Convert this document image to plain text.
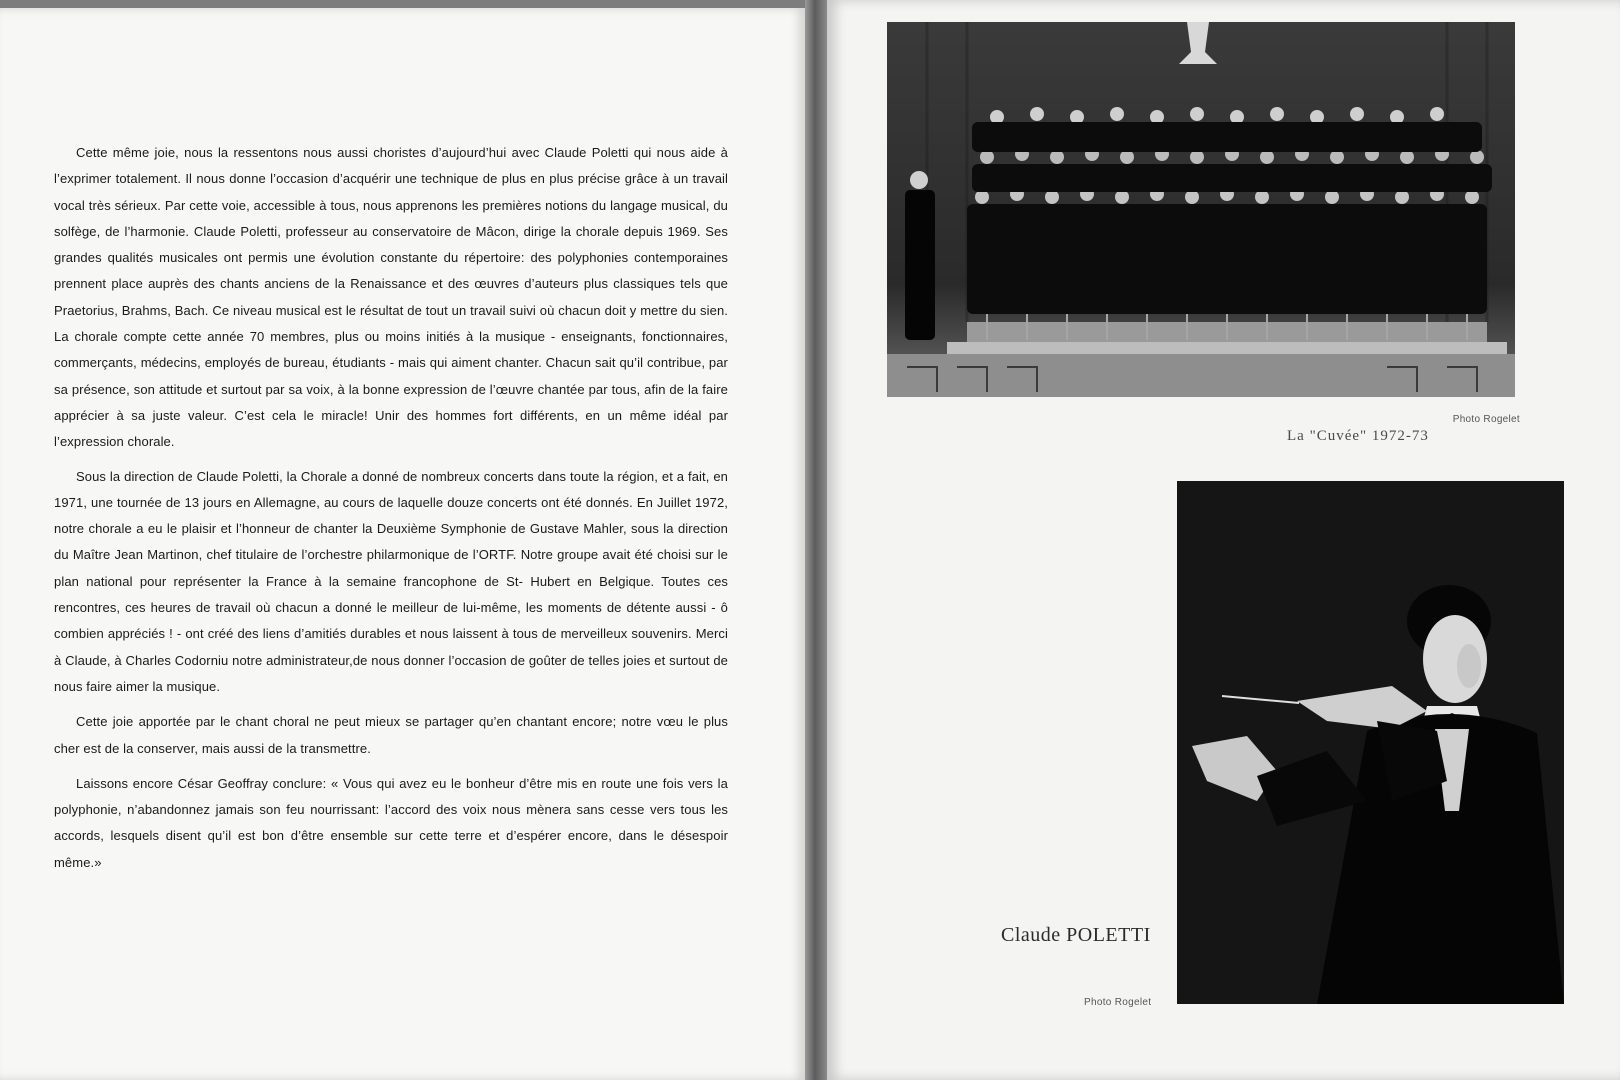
Cette même joie, nous la ressentons nous aussi choristes d’aujourd’hui avec Claude Poletti qui nous aide à l’exprimer totalement. Il nous donne l’occasion d’acquérir une technique de plus en plus précise grâce à un travail vocal très sérieux. Par cette voie, accessible à tous, nous apprenons les premières notions du langage musical, du solfège, de l’harmonie. Claude Poletti, professeur au conservatoire de Mâcon, dirige la chorale depuis 1969. Ses grandes qualités musicales ont permis une évolution constante du répertoire: des polyphonies contemporaines prennent place auprès des chants anciens de la Renaissance et des œuvres d’auteurs plus classiques tels que Praetorius, Brahms, Bach. Ce niveau musical est le résultat de tout un travail suivi où chacun doit y mettre du sien. La chorale compte cette année 70 membres, plus ou moins initiés à la musique - enseignants, fonctionnaires, commerçants, médecins, employés de bureau, étudiants - mais qui aiment chanter. Chacun sait qu’il contribue, par sa présence, son attitude et surtout par sa voix, à la bonne expression de l’œuvre chantée par tous, afin de la faire apprécier à sa juste valeur. C’est cela le miracle! Unir des hommes fort différents, en un même idéal par l’expression chorale.

Sous la direction de Claude Poletti, la Chorale a donné de nombreux concerts dans toute la région, et a fait, en 1971, une tournée de 13 jours en Allemagne, au cours de laquelle douze concerts ont été donnés. En Juillet 1972, notre chorale a eu le plaisir et l’honneur de chanter la Deuxième Symphonie de Gustave Mahler, sous la direction du Maître Jean Martinon, chef titulaire de l’orchestre philarmonique de l’ORTF. Notre groupe avait été choisi sur le plan national pour représenter la France à la semaine francophone de St- Hubert en Belgique. Toutes ces rencontres, ces heures de travail où chacun a donné le meilleur de lui-même, les moments de détente aussi - ô combien appréciés ! - ont créé des liens d’amitiés durables et nous laissent à tous de merveilleux souvenirs. Merci à Claude, à Charles Codorniu notre administrateur,de nous donner l’occasion de goûter de telles joies et surtout de nous faire aimer la musique.

Cette joie apportée par le chant choral ne peut mieux se partager qu’en chantant encore; notre vœu le plus cher est de la conserver, mais aussi de la transmettre.

Laissons encore César Geoffray conclure: « Vous qui avez eu le bonheur d’être mis en route une fois vers la polyphonie, n’abandonnez jamais son feu nourrissant: l’accord des voix nous mènera sans cesse vers tous les accords, lesquels disent qu’il est bon d’être ensemble sur cette terre et d’espérer encore, dans le désespoir même.»

Photo Rogelet
La "Cuvée" 1972-73
Claude POLETTI
Photo Rogelet
